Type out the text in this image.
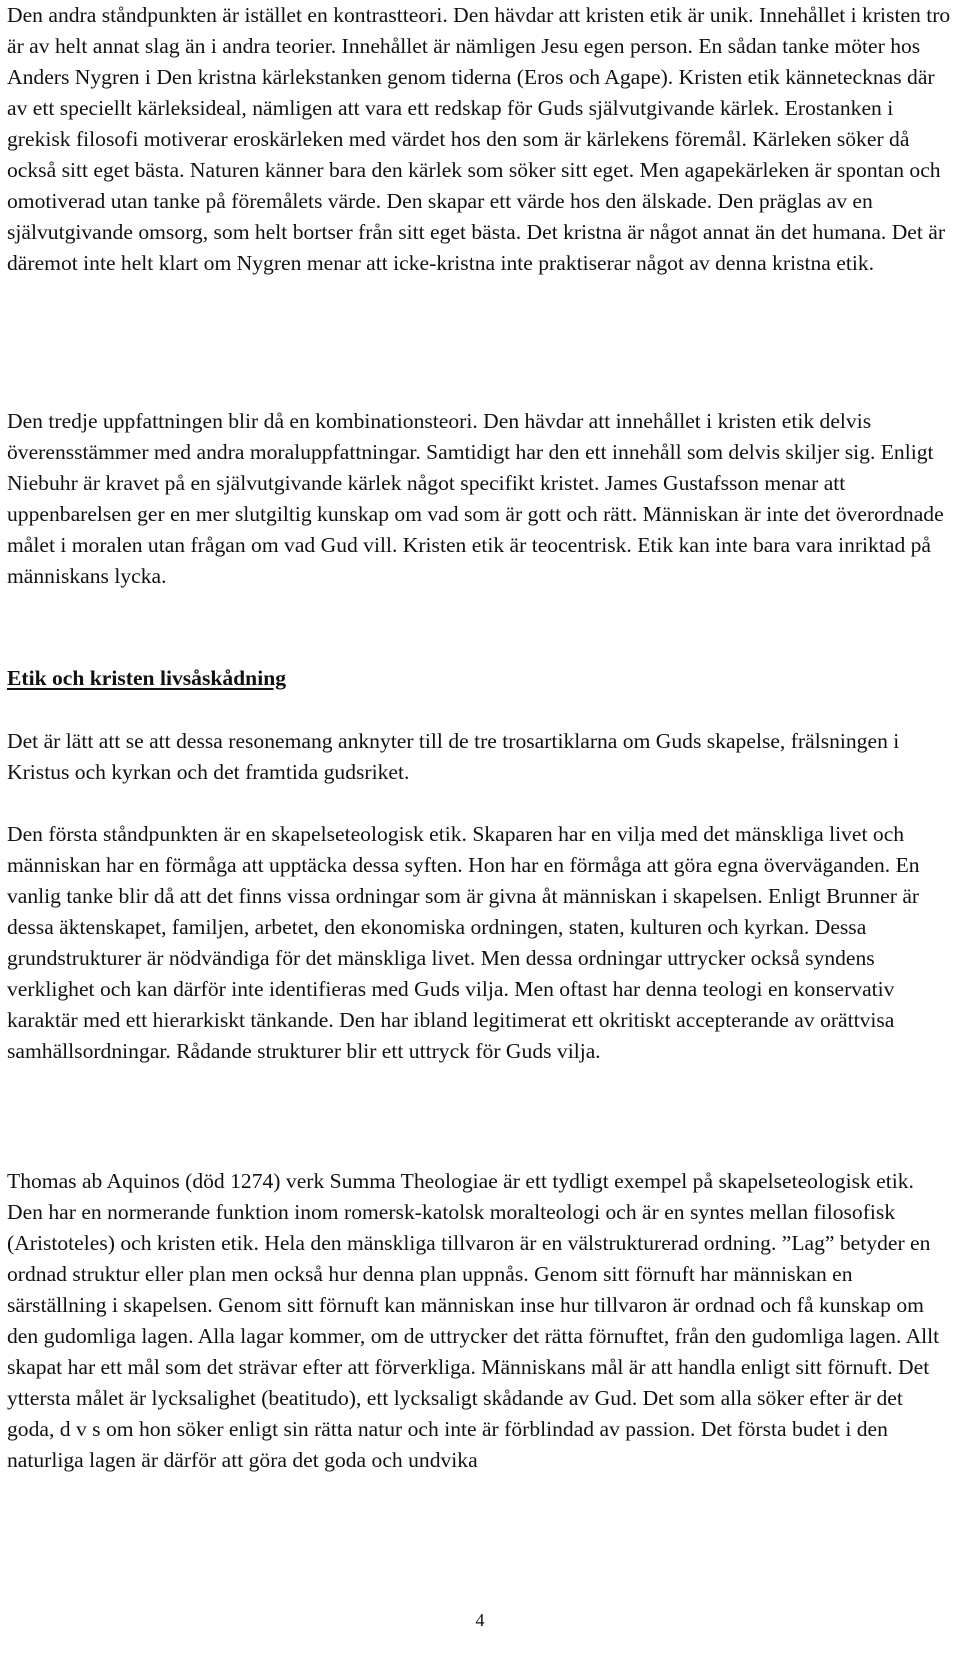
Den andra ståndpunkten är istället en kontrastteori. Den hävdar att kristen etik är unik. Innehållet i kristen tro är av helt annat slag än i andra teorier. Innehållet är nämligen Jesu egen person. En sådan tanke möter hos Anders Nygren i Den kristna kärlekstanken genom tiderna (Eros och Agape). Kristen etik kännetecknas där av ett speciellt kärleksideal, nämligen att vara ett redskap för Guds självutgivande kärlek. Erostanken i grekisk filosofi motiverar eroskärleken med värdet hos den som är kärlekens föremål. Kärleken söker då också sitt eget bästa. Naturen känner bara den kärlek som söker sitt eget. Men agapekärleken är spontan och omotiverad utan tanke på föremålets värde. Den skapar ett värde hos den älskade. Den präglas av en självutgivande omsorg, som helt bortser från sitt eget bästa. Det kristna är något annat än det humana. Det är däremot inte helt klart om Nygren menar att icke-kristna inte praktiserar något av denna kristna etik.

Den tredje uppfattningen blir då en kombinationsteori. Den hävdar att innehållet i kristen etik delvis överensstämmer med andra moraluppfattningar. Samtidigt har den ett innehåll som delvis skiljer sig. Enligt Niebuhr är kravet på en självutgivande kärlek något specifikt kristet. James Gustafsson menar att uppenbarelsen ger en mer slutgiltig kunskap om vad som är gott och rätt. Människan är inte det överordnade målet i moralen utan frågan om vad Gud vill. Kristen etik är teocentrisk. Etik kan inte bara vara inriktad på människans lycka.

Etik och kristen livsåskådning

Det är lätt att se att dessa resonemang anknyter till de tre trosartiklarna om Guds skapelse, frälsningen i Kristus och kyrkan och det framtida gudsriket.

Den första ståndpunkten är en skapelseteologisk etik. Skaparen har en vilja med det mänskliga livet och människan har en förmåga att upptäcka dessa syften. Hon har en förmåga att göra egna överväganden. En vanlig tanke blir då att det finns vissa ordningar som är givna åt människan i skapelsen. Enligt Brunner är dessa äktenskapet, familjen, arbetet, den ekonomiska ordningen, staten, kulturen och kyrkan. Dessa grundstrukturer är nödvändiga för det mänskliga livet. Men dessa ordningar uttrycker också syndens verklighet och kan därför inte identifieras med Guds vilja. Men oftast har denna teologi en konservativ karaktär med ett hierarkiskt tänkande. Den har ibland legitimerat ett okritiskt accepterande av orättvisa samhällsordningar. Rådande strukturer blir ett uttryck för Guds vilja.

Thomas ab Aquinos (död 1274) verk Summa Theologiae är ett tydligt exempel på skapelseteologisk etik. Den har en normerande funktion inom romersk-katolsk moralteologi och är en syntes mellan filosofisk (Aristoteles) och kristen etik. Hela den mänskliga tillvaron är en välstrukturerad ordning. ”Lag” betyder en ordnad struktur eller plan men också hur denna plan uppnås. Genom sitt förnuft har människan en särställning i skapelsen. Genom sitt förnuft kan människan inse hur tillvaron är ordnad och få kunskap om den gudomliga lagen. Alla lagar kommer, om de uttrycker det rätta förnuftet, från den gudomliga lagen. Allt skapat har ett mål som det strävar efter att förverkliga. Människans mål är att handla enligt sitt förnuft. Det yttersta målet är lycksalighet (beatitudo), ett lycksaligt skådande av Gud. Det som alla söker efter är det goda, d v s om hon söker enligt sin rätta natur och inte är förblindad av passion. Det första budet i den naturliga lagen är därför att göra det goda och undvika

4
